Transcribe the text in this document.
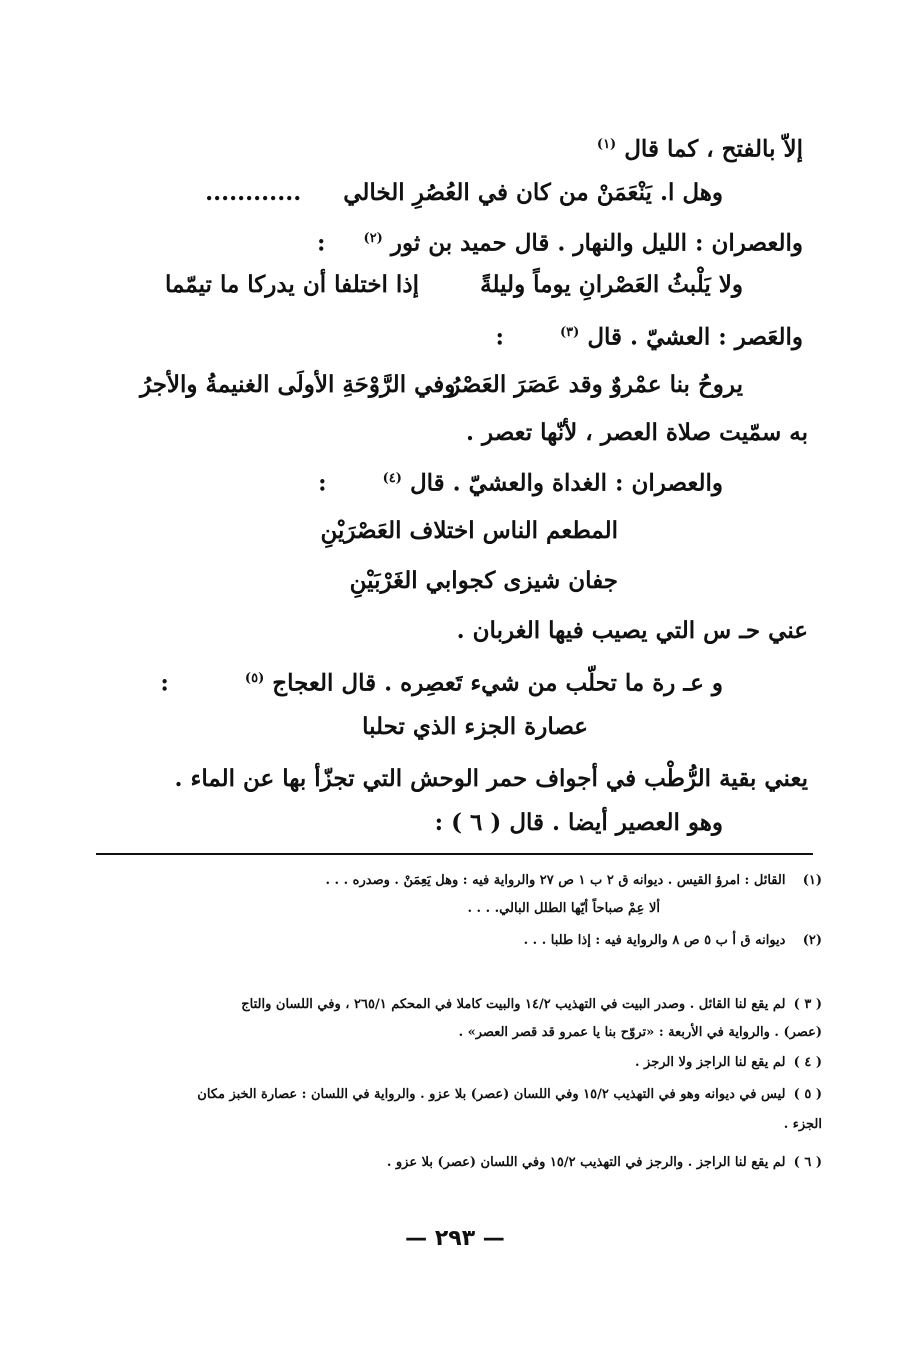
إلاّ بالفتح ، كما قال $^{(١)}$
وهل ا. يَنْعَمَنْ من كان في العُصُرِ الخالي  ............
والعصران : الليل والنهار . قال حميد بن ثور $^{(٢)}$  :
ولا يَلْبثُ العَصْرانِ يوماً وليلةً
إذا اختلفا أن يدركا ما تيمّما
والعَصر : العشيّ . قال $^{(٣)}$  :
يروحُ بنا عمْروٌ وقد عَصَرَ العَصْرُ
وفي الرَّوْحَةِ الأولَى الغنيمةُ والأجرُ
به سمّيت صلاة العصر ، لأنّها تعصر .
والعصران : الغداة والعشيّ . قال $^{(٤)}$  :
المطعم الناس اختلاف العَصْرَيْنِ
جفان شيزى كجوابي الغَرْبَيْنِ
عني حـ س التي يصيب فيها الغربان .
و عـ رة ما تحلّب من شيء تَعصِره . قال العجاج $^{(٥)}$  :
عصارة الجزء الذي تحلبا
يعني بقية الرُّطْب في أجواف حمر الوحش التي تجزّأ بها عن الماء .
وهو العصير أيضا . قال ( ٦ ) :
(١) القائل : امرؤ القيس . ديوانه ق ٢ ب ١ ص ٢٧ والرواية فيه : وهل يَعِمَنْ . وصدره . . .
ألا عِمْ صباحاً أيّها الطلل البالي. . . .
(٢) ديوانه ق أ ب ٥ ص ٨ والرواية فيه : إذا طلبا . . .
( ٣ ) لم يقع لنا القائل . وصدر البيت في التهذيب ١٤/٢ والبيت كاملا في المحكم ٢٦٥/١ ، وفي اللسان والتاج
(عصر) . والرواية في الأربعة : «تروّح بنا يا عمرو قد قصر العصر» .
( ٤ ) لم يقع لنا الراجز ولا الرجز .
( ٥ ) ليس في ديوانه وهو في التهذيب ١٥/٢ وفي اللسان (عصر) بلا عزو . والرواية في اللسان : عصارة الخبز مكان
الجزء .
( ٦ ) لم يقع لنا الراجز . والرجز في التهذيب ١٥/٢ وفي اللسان (عصر) بلا عزو .
— ٢٩٣ —
